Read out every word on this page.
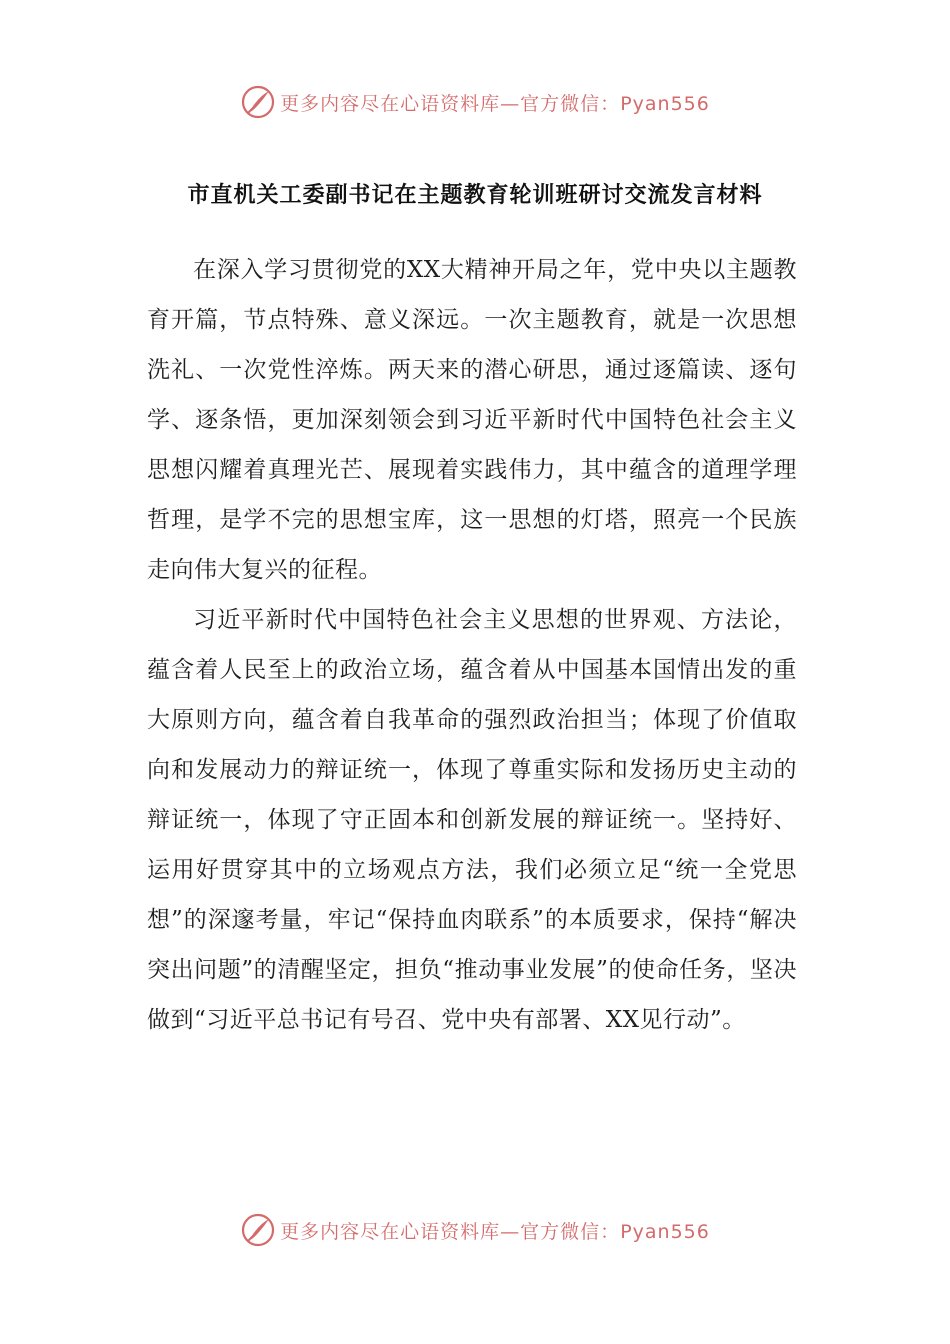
更多内容尽在心语资料库—官方微信：Pyan556
市直机关工委副书记在主题教育轮训班研讨交流发言材料

在深入学习贯彻党的XX大精神开局之年，党中央以主题教育开篇，节点特殊、意义深远。一次主题教育，就是一次思想洗礼、一次党性淬炼。两天来的潜心研思，通过逐篇读、逐句学、逐条悟，更加深刻领会到习近平新时代中国特色社会主义思想闪耀着真理光芒、展现着实践伟力，其中蕴含的道理学理哲理，是学不完的思想宝库，这一思想的灯塔，照亮一个民族走向伟大复兴的征程。

习近平新时代中国特色社会主义思想的世界观、方法论，蕴含着人民至上的政治立场，蕴含着从中国基本国情出发的重大原则方向，蕴含着自我革命的强烈政治担当；体现了价值取向和发展动力的辩证统一，体现了尊重实际和发扬历史主动的辩证统一，体现了守正固本和创新发展的辩证统一。坚持好、运用好贯穿其中的立场观点方法，我们必须立足“统一全党思想”的深邃考量，牢记“保持血肉联系”的本质要求，保持“解决突出问题”的清醒坚定，担负“推动事业发展”的使命任务，坚决做到“习近平总书记有号召、党中央有部署、XX见行动”。

更多内容尽在心语资料库—官方微信：Pyan556
